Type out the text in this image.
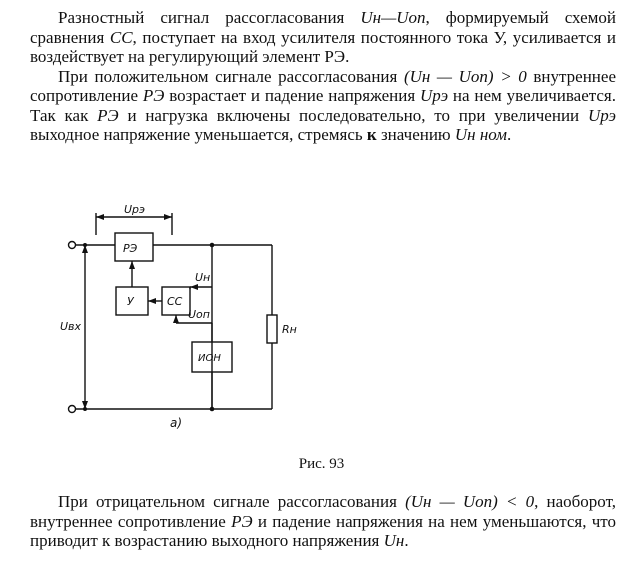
Разностный сигнал рассогласования Uн—Uоп, формируемый схемой сравнения СС, поступает на вход усилителя постоянного тока У, усиливается и воздействует на регулирующий элемент РЭ.
При положительном сигнале рассогласования (Uн — Uоп) > 0 внутреннее сопротивление РЭ возрастает и падение напряжения Uрэ на нем увеличивается. Так как РЭ и нагрузка включены последовательно, то при увеличении Uрэ выходное напряжение уменьшается, стремясь к значению Uн ном.

Uрэ
РЭ
У	СС
ИОН
Uн
Uоп
Uвх	Rн
а)
Рис. 93

При отрицательном сигнале рассогласования (Uн — Uоп) < 0, наоборот, внутреннее сопротивление РЭ и падение напряжения на нем уменьшаются, что приводит к возрастанию выходного напряжения Uн.
